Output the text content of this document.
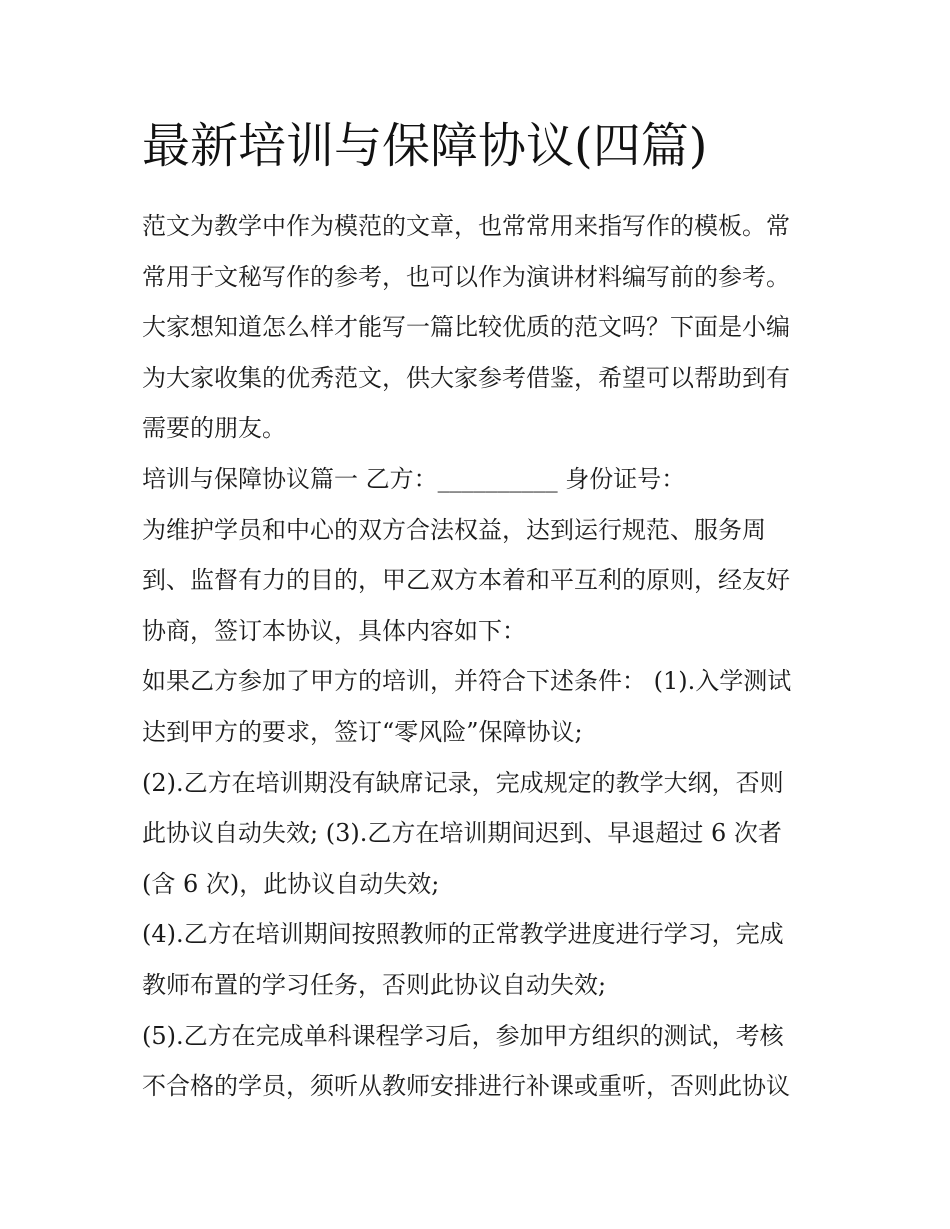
最新培训与保障协议(四篇)
范文为教学中作为模范的文章，也常常用来指写作的模板。常
常用于文秘写作的参考，也可以作为演讲材料编写前的参考。
大家想知道怎么样才能写一篇比较优质的范文吗？下面是小编
为大家收集的优秀范文，供大家参考借鉴，希望可以帮助到有
需要的朋友。
培训与保障协议篇一 乙方：__________ 身份证号：
为维护学员和中心的双方合法权益，达到运行规范、服务周
到、监督有力的目的，甲乙双方本着和平互利的原则，经友好
协商，签订本协议，具体内容如下：
如果乙方参加了甲方的培训，并符合下述条件： (1).入学测试
达到甲方的要求，签订“零风险”保障协议;
(2).乙方在培训期没有缺席记录，完成规定的教学大纲，否则
此协议自动失效; (3).乙方在培训期间迟到、早退超过 6 次者
(含 6 次)，此协议自动失效;
(4).乙方在培训期间按照教师的正常教学进度进行学习，完成
教师布置的学习任务，否则此协议自动失效;
(5).乙方在完成单科课程学习后，参加甲方组织的测试，考核
不合格的学员，须听从教师安排进行补课或重听，否则此协议
